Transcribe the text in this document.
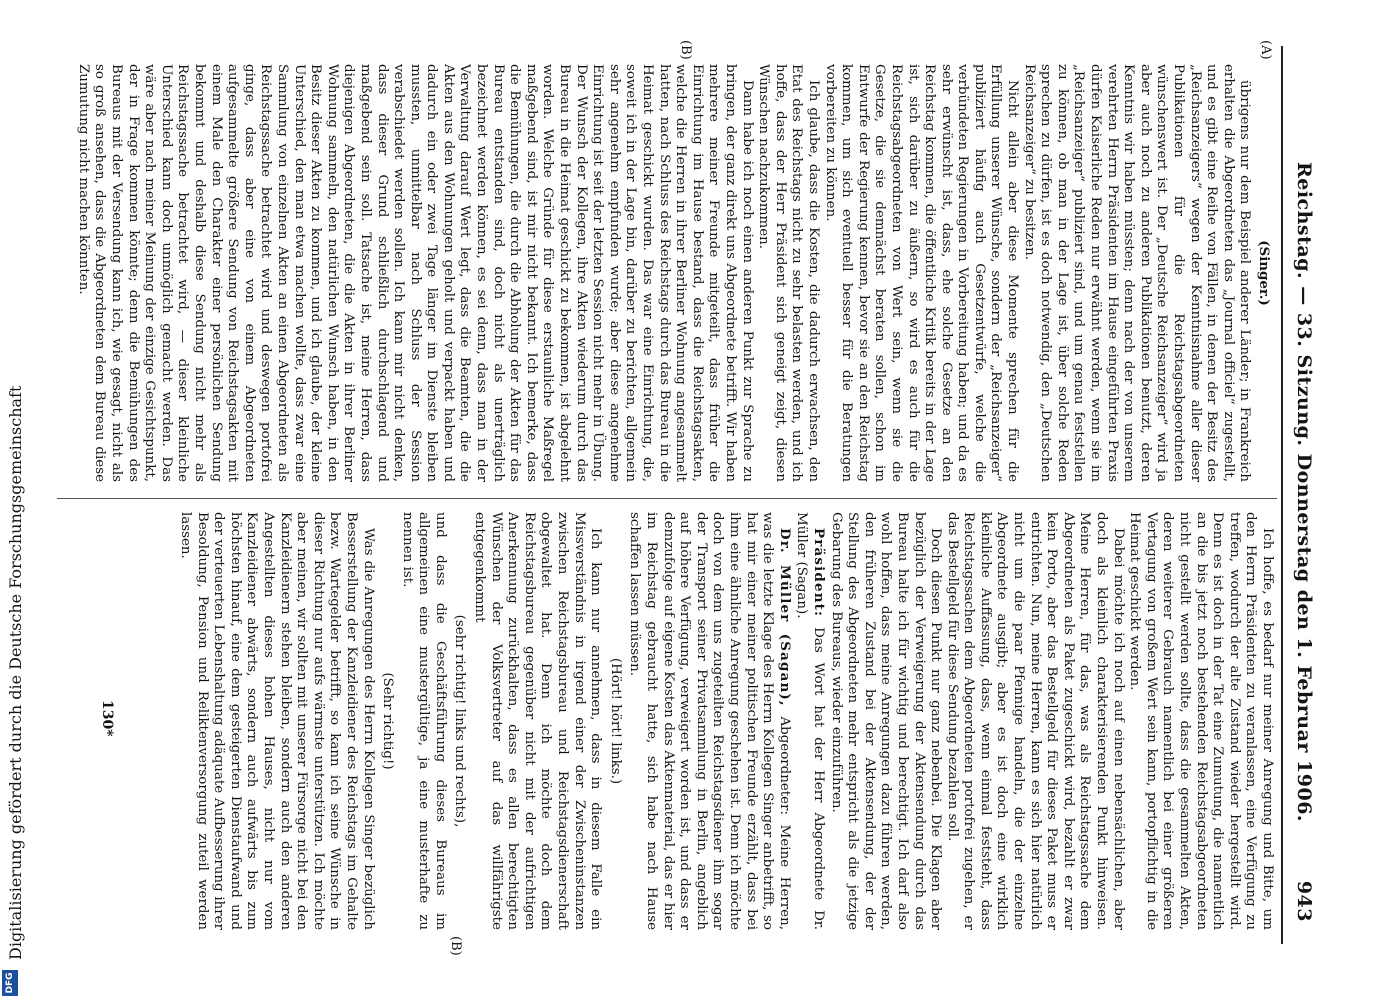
Reichstag. — 33. Sitzung. Donnerstag den 1. Februar 1906.
943
(A)
(B)
(B)

(Singer.)

übrigens nur dem Beispiel anderer Länder; in Frankreich erhalten die Abgeordneten das „Journal officiel“ zugestellt, und es gibt eine Reihe von Fällen, in denen der Besitz des „Reichsanzeigers“ wegen der Kenntnisnahme aller dieser Publikationen für die Reichstagsabgeordneten wünschenswert ist. Der „Deutsche Reichsanzeiger“ wird ja aber auch noch zu anderen Publikationen benutzt, deren Kenntnis wir haben müssten; denn nach der von unserem verehrten Herrn Präsidenten im Hause eingeführten Praxis dürfen Kaiserliche Reden nur erwähnt werden, wenn sie im „Reichsanzeiger“ publiziert sind, und um genau feststellen zu können, ob man in der Lage ist, über solche Reden sprechen zu dürfen, ist es doch notwendig, den „Deutschen Reichsanzeiger“ zu besitzen.

Nicht allein aber diese Momente sprechen für die Erfüllung unserer Wünsche, sondern der „Reichsanzeiger“ publiziert häufig auch Gesetzentwürfe, welche die verbündeten Regierungen in Vorbereitung haben; und da es sehr erwünscht ist, dass, ehe solche Gesetze an den Reichstag kommen, die öffentliche Kritik bereits in der Lage ist, sich darüber zu äußern, so wird es auch für die Reichstagsabgeordneten von Wert sein, wenn sie die Gesetze, die sie demnächst beraten sollen, schon im Entwurfe der Regierung kennen, bevor sie an den Reichstag kommen, um sich eventuell besser für die Beratungen vorbereiten zu können.

Ich glaube, dass die Kosten, die dadurch erwachsen, den Etat des Reichstags nicht zu sehr belasten werden, und ich hoffe, dass der Herr Präsident sich geneigt zeigt, diesen Wünschen nachzukommen.

Dann habe ich noch einen anderen Punkt zur Sprache zu bringen, der ganz direkt uns Abgeordnete betrifft. Wir haben mehrere meiner Freunde mitgeteilt, dass früher die Einrichtung im Hause bestand, dass die Reichstagsakten, welche die Herren in ihrer Berliner Wohnung angesammelt hatten, nach Schluss des Reichstags durch das Bureau in die Heimat geschickt wurden. Das war eine Einrichtung, die, soweit ich in der Lage bin, darüber zu berichten, allgemein sehr angenehm empfunden wurde; aber diese angenehme Einrichtung ist seit der letzten Session nicht mehr in Übung. Der Wunsch der Kollegen, ihre Akten wiederum durch das Bureau in die Heimat geschickt zu bekommen, ist abgelehnt worden. Welche Gründe für diese erstaunliche Maßregel maßgebend sind, ist mir nicht bekannt. Ich bemerke, dass die Bemühungen, die durch die Abholung der Akten für das Bureau entstanden sind, doch nicht als unerträglich bezeichnet werden können, es sei denn, dass man in der Verwaltung darauf Wert legt, dass die Beamten, die die Akten aus den Wohnungen geholt und verpackt haben und dadurch ein oder zwei Tage länger im Dienste bleiben mussten, unmittelbar nach Schluss der Session verabschiedet werden sollen. Ich kann mir nicht denken, dass dieser Grund schließlich durchschlagend und maßgebend sein soll. Tatsache ist, meine Herren, dass diejenigen Abgeordneten, die die Akten in ihrer Berliner Wohnung sammeln, den natürlichen Wunsch haben, in den Besitz dieser Akten zu kommen, und ich glaube, der kleine Unterschied, den man etwa machen wollte, dass zwar eine Sammlung von einzelnen Akten an einen Abgeordneten als Reichstagssache betrachtet wird und deswegen portofrei ginge, dass aber eine von einem Abgeordneten aufgesammelte größere Sendung von Reichstagsakten mit einem Male den Charakter einer persönlichen Sendung bekommt und deshalb diese Sendung nicht mehr als Reichstagssache betrachtet wird, — dieser kleinliche Unterschied kann doch unmöglich gemacht werden. Das wäre aber nach meiner Meinung der einzige Gesichtspunkt, der in Frage kommen könnte; denn die Bemühungen des Bureaus mit der Versendung kann ich, wie gesagt, nicht als so groß ansehen, dass die Abgeordneten dem Bureau diese Zumutung nicht machen könnten.

Ich hoffe, es bedarf nur meiner Anregung und Bitte, um den Herrn Präsidenten zu veranlassen, eine Verfügung zu treffen, wodurch der alte Zustand wieder hergestellt wird. Denn es ist doch in der Tat eine Zumutung, die namentlich an die bis jetzt noch bestehenden Reichstagsabgeordneten nicht gestellt werden sollte, dass die gesammelten Akten, deren weiterer Gebrauch namentlich bei einer größeren Vertagung von großem Wert sein kann, portopflichtig in die Heimat geschickt werden.

Dabei möchte ich noch auf einen nebensächlichen, aber doch als kleinlich charakterisierenden Punkt hinweisen. Meine Herren, für das, was als Reichstagssache dem Abgeordneten als Paket zugeschickt wird, bezahlt er zwar kein Porto, aber das Bestellgeld für dieses Paket muss er entrichten. Nun, meine Herren, kann es sich hier natürlich nicht um die paar Pfennige handeln, die der einzelne Abgeordnete ausgibt; aber es ist doch eine wirklich kleinliche Auffassung, dass, wenn einmal feststeht, dass Reichstagssachen dem Abgeordneten portofrei zugehen, er das Bestellgeld für diese Sendung bezahlen soll.

Doch diesen Punkt nur ganz nebenbei. Die Klagen aber bezüglich der Verweigerung der Aktensendung durch das Bureau halte ich für wichtig und berechtigt. Ich darf also wohl hoffen, dass meine Anregungen dazu führen werden, den früheren Zustand bei der Aktensendung, der der Stellung des Abgeordneten mehr entspricht als die jetzige Gebarung des Bureaus, wieder einzuführen.

Präsident: Das Wort hat der Herr Abgeordnete Dr. Müller (Sagan).

Dr. Müller (Sagan), Abgeordneter: Meine Herren, was die letzte Klage des Herrn Kollegen Singer anbetrifft, so hat mir einer meiner politischen Freunde erzählt, dass bei ihm eine ähnliche Anregung geschehen ist. Denn ich möchte doch von dem uns zugeteilten Reichstagsdiener ihm sogar der Transport seiner Privatsammlung in Berlin, angeblich auf höhere Verfügung, verweigert worden ist, und dass er demzufolge auf eigene Kosten das Aktenmaterial, das er hier im Reichstag gebraucht hatte, sich habe nach Hause schaffen lassen müssen.

(Hört! hört! links.)

Ich kann nur annehmen, dass in diesem Falle ein Missverständnis in irgend einer der Zwischeninstanzen zwischen Reichstagsbureau und Reichstagsdienerschaft obgewaltet hat. Denn ich möchte doch dem Reichstagsbureau gegenüber nicht mit der aufrichtigen Anerkennung zurückhalten, dass es allen berechtigten Wünschen der Volksvertreter auf das willfährigste entgegenkommt

(sehr richtig! links und rechts),

und dass die Geschäftsführung dieses Bureaus im allgemeinen eine mustergültige, ja eine musterhafte zu nennen ist.

(Sehr richtig!)

Was die Anregungen des Herrn Kollegen Singer bezüglich Besserstellung der Kanzleidiener des Reichstags im Gehalte bezw. Wartegelder betrifft, so kann ich seine Wünsche in dieser Richtung nur aufs wärmste unterstützen. Ich möchte aber meinen, wir sollten mit unserer Fürsorge nicht bei den Kanzleidienern stehen bleiben, sondern auch den anderen Angestellten dieses hohen Hauses, nicht nur vom Kanzleidiener abwärts, sondern auch aufwärts bis zum höchsten hinauf, eine dem gesteigerten Dienstaufwand und der verteuerten Lebenshaltung adäquate Aufbesserung ihrer Besoldung, Pension und Reliktenversorgung zuteil werden lassen.

130*
DFG
Digitalisierung gefördert durch die Deutsche Forschungsgemeinschaft
